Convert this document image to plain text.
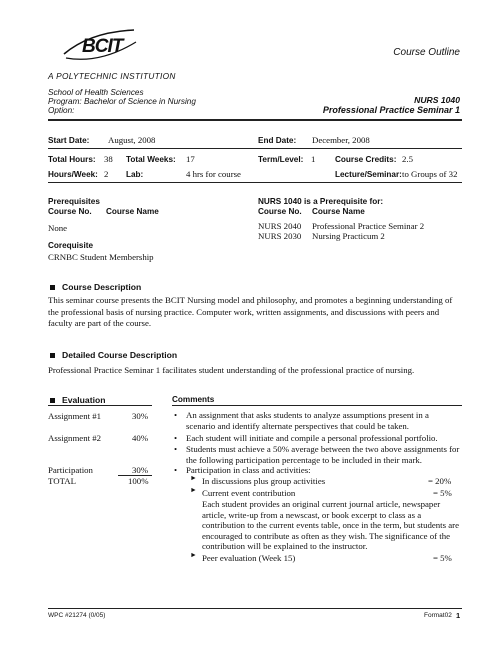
BCIT
A POLYTECHNIC INSTITUTION
Course Outline
School of Health Sciences
Program: Bachelor of Science in Nursing
Option:
NURS 1040
Professional Practice Seminar 1
Start Date: August, 2008	End Date: December, 2008
Total Hours: 38 Total Weeks: 17	Term/Level: 1 Course Credits: 2.5
Hours/Week: 2 Lab:	4 hrs for course	Lecture/Seminar: to Groups of 32
Prerequisites
Course No. Course Name
None
NURS 1040 is a Prerequisite for:
Course No. Course Name
NURS 2040 Professional Practice Seminar 2
NURS 2030 Nursing Practicum 2
Corequisite
CRNBC Student Membership
Course Description
This seminar course presents the BCIT Nursing model and philosophy, and promotes a beginning understanding of the professional basis of nursing practice. Computer work, written assignments, and discussions with peers and faculty are part of the course.
Detailed Course Description
Professional Practice Seminar 1 facilitates student understanding of the professional practice of nursing.
Evaluation	Comments
Assignment #1	30%
Assignment #2	40%
Participation	30%
TOTAL	100%
• An assignment that asks students to analyze assumptions present in a scenario and identify alternate perspectives that could be taken.
• Each student will initiate and compile a personal professional portfolio.
• Students must achieve a 50% average between the two above assignments for the following participation percentage to be included in their mark.
• Participation in class and activities:
► In discussions plus group activities	= 20%
► Current event contribution	= 5%
Each student provides an original current journal article, newspaper article, write-up from a newscast, or book excerpt to class as a contribution to the current events table, once in the term, but students are encouraged to contribute as often as they wish. The significance of the contribution will be explained to the instructor.
► Peer evaluation (Week 15)	= 5%
WPC #21274 (0/05)	Format02 1
